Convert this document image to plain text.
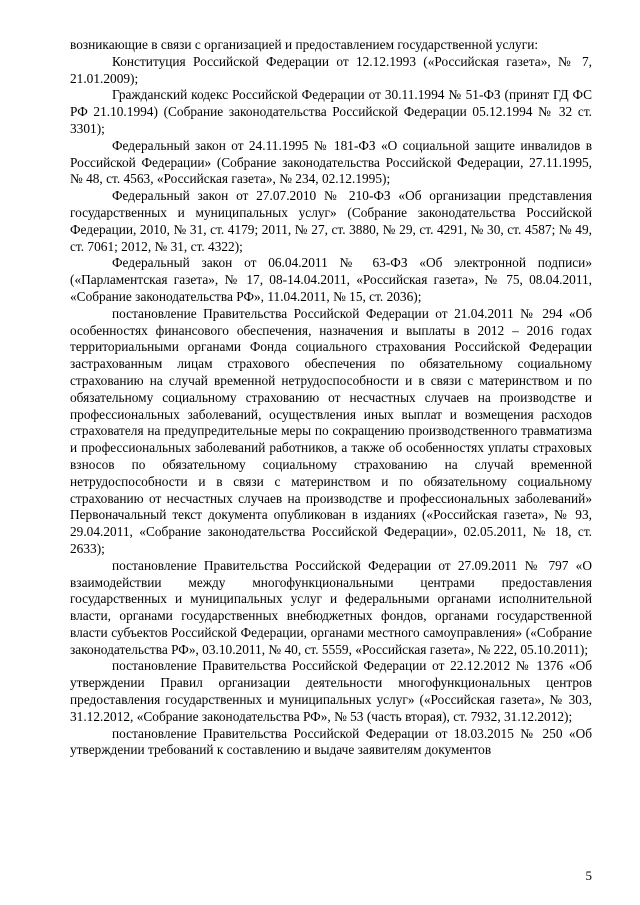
возникающие в связи с организацией и предоставлением государственной услуги:

Конституция Российской Федерации от 12.12.1993 («Российская газета», № 7, 21.01.2009);

Гражданский кодекс Российской Федерации от 30.11.1994 № 51-ФЗ (принят ГД ФС РФ 21.10.1994) (Собрание законодательства Российской Федерации 05.12.1994 № 32 ст. 3301);

Федеральный закон от 24.11.1995 № 181-ФЗ «О социальной защите инвалидов в Российской Федерации» (Собрание законодательства Российской Федерации, 27.11.1995, № 48, ст. 4563, «Российская газета», № 234, 02.12.1995);

Федеральный закон от 27.07.2010 № 210-ФЗ «Об организации представления государственных и муниципальных услуг» (Собрание законодательства Российской Федерации, 2010, № 31, ст. 4179; 2011, № 27, ст. 3880, № 29, ст. 4291, № 30, ст. 4587; № 49, ст. 7061; 2012, № 31, ст. 4322);

Федеральный закон от 06.04.2011 № 63-ФЗ «Об электронной подписи» («Парламентская газета», № 17, 08-14.04.2011, «Российская газета», № 75, 08.04.2011, «Собрание законодательства РФ», 11.04.2011, № 15, ст. 2036);

постановление Правительства Российской Федерации от 21.04.2011 № 294 «Об особенностях финансового обеспечения, назначения и выплаты в 2012 – 2016 годах территориальными органами Фонда социального страхования Российской Федерации застрахованным лицам страхового обеспечения по обязательному социальному страхованию на случай временной нетрудоспособности и в связи с материнством и по обязательному социальному страхованию от несчастных случаев на производстве и профессиональных заболеваний, осуществления иных выплат и возмещения расходов страхователя на предупредительные меры по сокращению производственного травматизма и профессиональных заболеваний работников, а также об особенностях уплаты страховых взносов по обязательному социальному страхованию на случай временной нетрудоспособности и в связи с материнством и по обязательному социальному страхованию от несчастных случаев на производстве и профессиональных заболеваний» Первоначальный текст документа опубликован в изданиях («Российская газета», № 93, 29.04.2011, «Собрание законодательства Российской Федерации», 02.05.2011, № 18, ст. 2633);

постановление Правительства Российской Федерации от 27.09.2011 № 797 «О взаимодействии между многофункциональными центрами предоставления государственных и муниципальных услуг и федеральными органами исполнительной власти, органами государственных внебюджетных фондов, органами государственной власти субъектов Российской Федерации, органами местного самоуправления» («Собрание законодательства РФ», 03.10.2011, № 40, ст. 5559, «Российская газета», № 222, 05.10.2011);

постановление Правительства Российской Федерации от 22.12.2012 № 1376 «Об утверждении Правил организации деятельности многофункциональных центров предоставления государственных и муниципальных услуг» («Российская газета», № 303, 31.12.2012, «Собрание законодательства РФ», № 53 (часть вторая), ст. 7932, 31.12.2012);

постановление Правительства Российской Федерации от 18.03.2015 № 250 «Об утверждении требований к составлению и выдаче заявителям документов

5
